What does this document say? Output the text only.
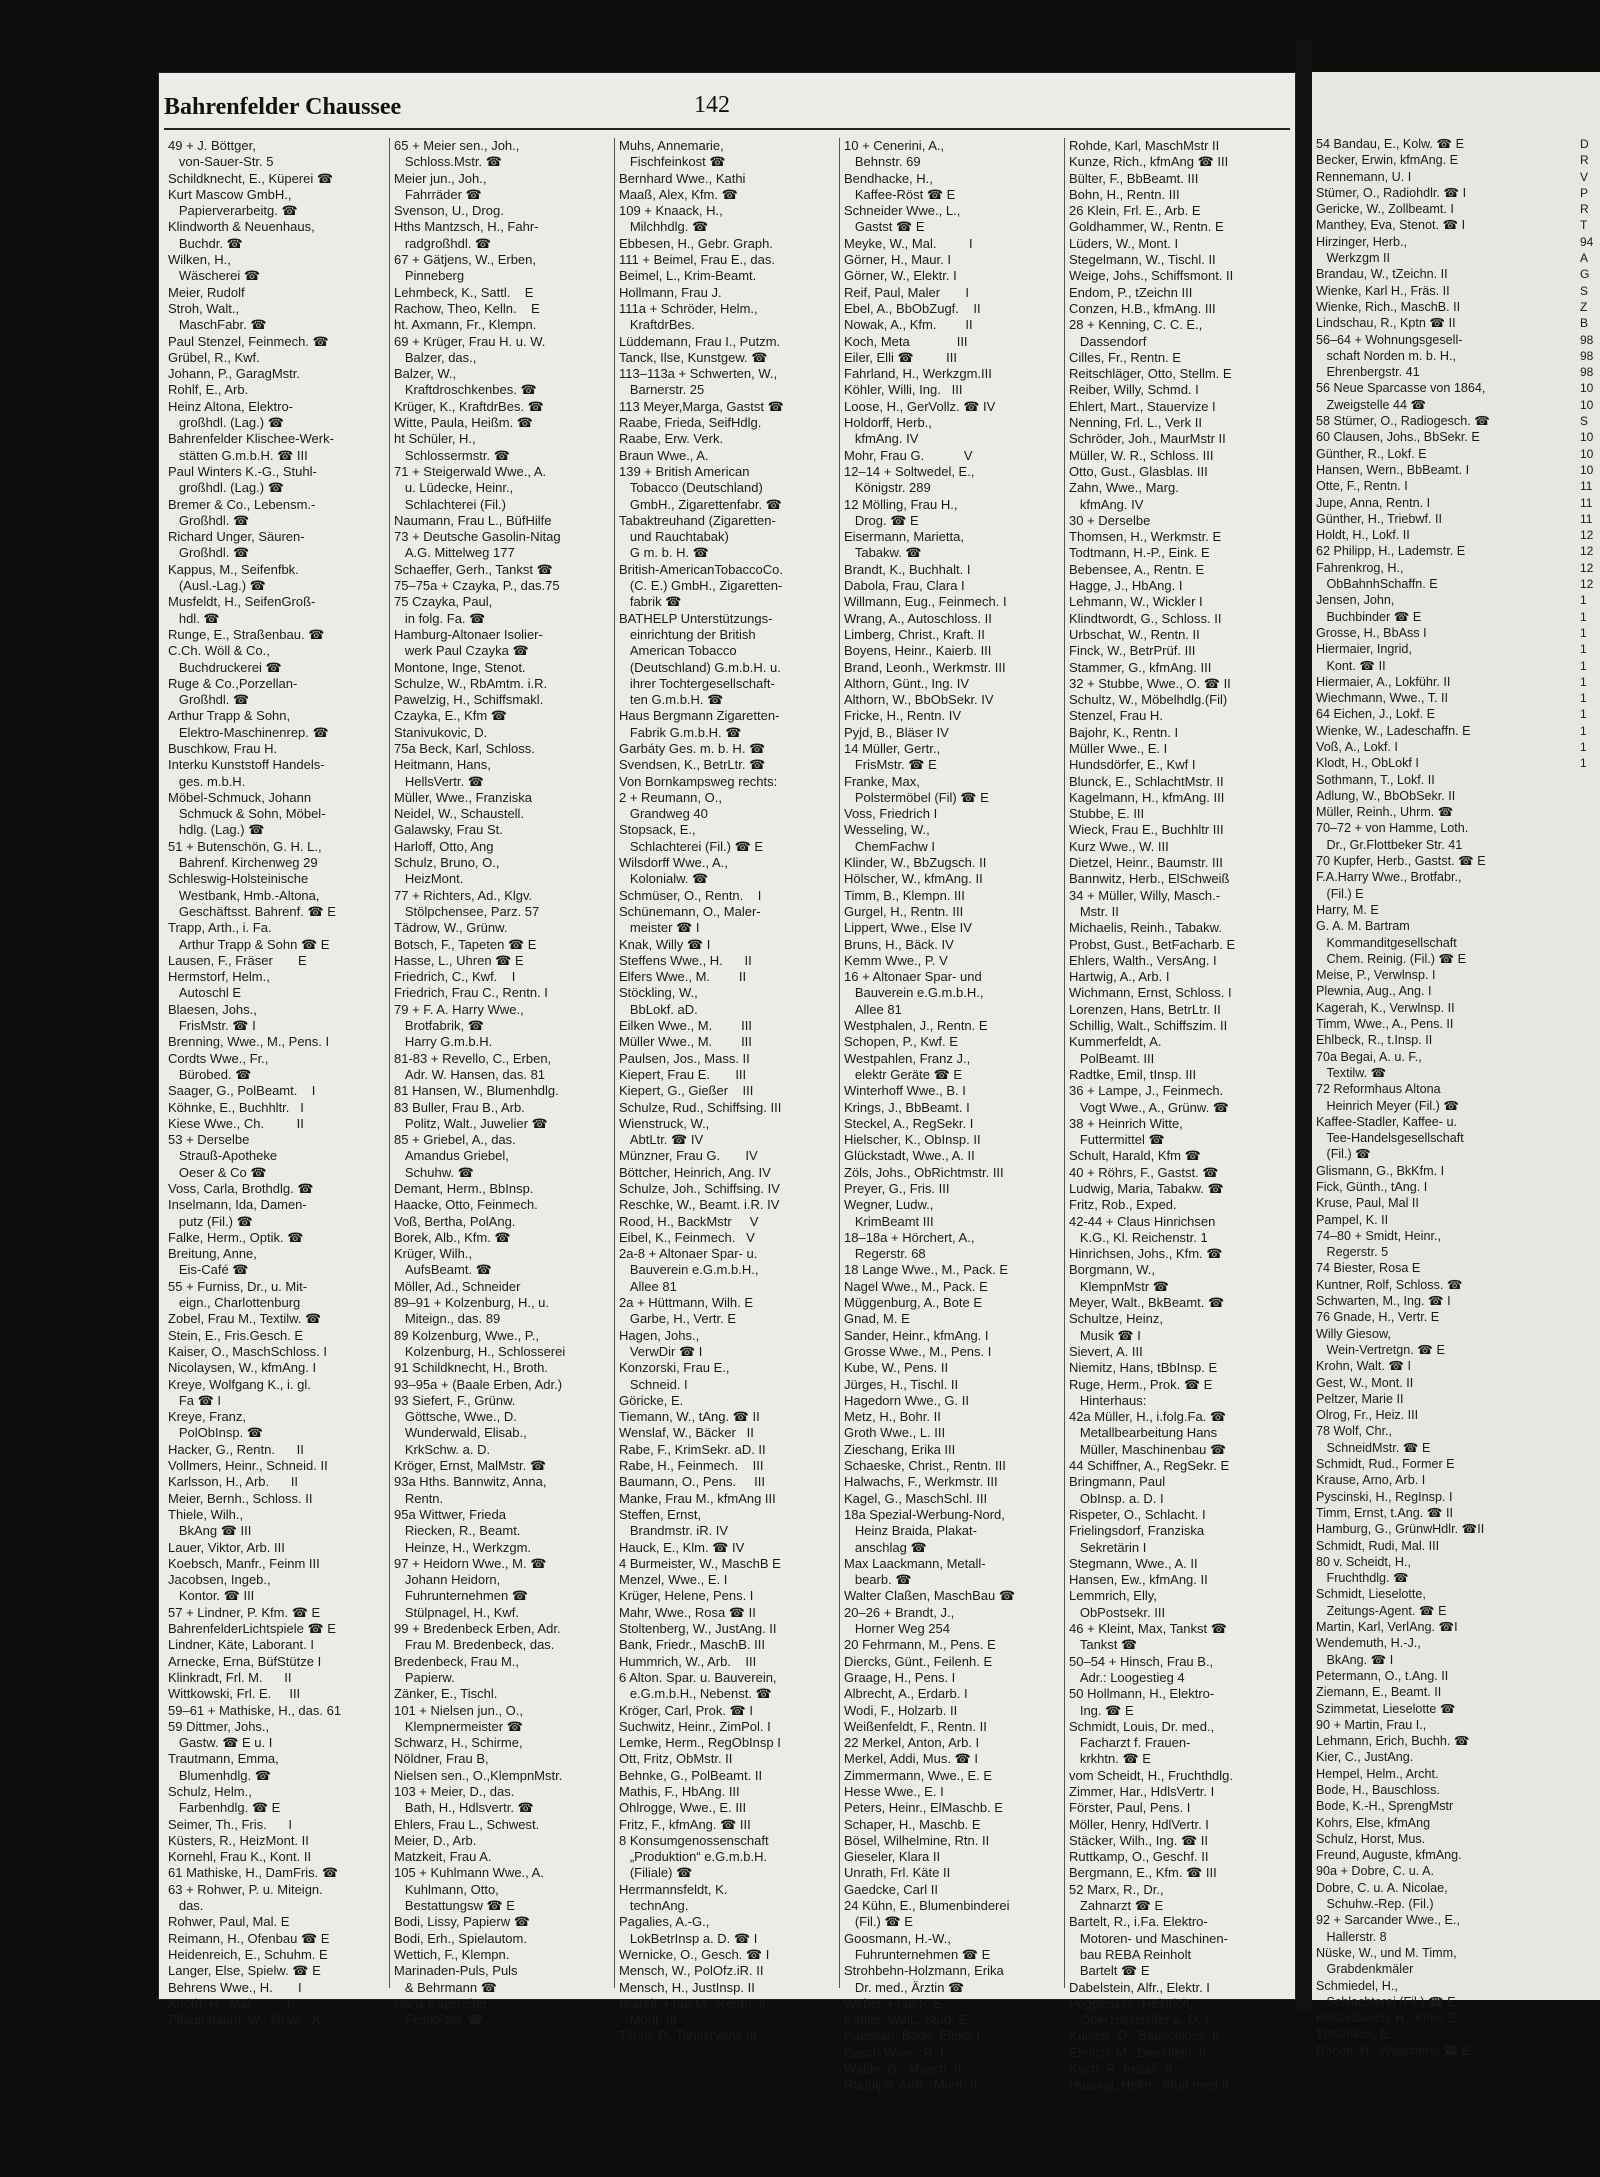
Bahrenfelder Chaussee	142

49 + J. Böttger,

von-Sauer-Str. 5

Schildknecht, E., Küperei ☎

Kurt Mascow GmbH.,

Papierverarbeitg. ☎

Klindworth & Neuenhaus,

Buchdr. ☎

Wilken, H.,

Wäscherei ☎

Meier, Rudolf

Stroh, Walt.,

MaschFabr. ☎

Paul Stenzel, Feinmech. ☎

Grübel, R., Kwf.

Johann, P., GaragMstr.

Rohlf, E., Arb.

Heinz Altona, Elektro-

großhdl. (Lag.) ☎

Bahrenfelder Klischee-Werk-

stätten G.m.b.H. ☎ III

Paul Winters K.-G., Stuhl-

großhdl. (Lag.) ☎

Bremer & Co., Lebensm.-

Großhdl. ☎

Richard Unger, Säuren-

Großhdl. ☎

Kappus, M., Seifenfbk.

(Ausl.-Lag.) ☎

Musfeldt, H., SeifenGroß-

hdl. ☎

Runge, E., Straßenbau. ☎

C.Ch. Wöll & Co.,

Buchdruckerei ☎

Ruge & Co.,Porzellan-

Großhdl. ☎

Arthur Trapp & Sohn,

Elektro-Maschinenrep. ☎

Buschkow, Frau H.

Interku Kunststoff Handels-

ges. m.b.H.

Möbel-Schmuck, Johann

Schmuck & Sohn, Möbel-

hdlg. (Lag.) ☎

51 + Butenschön, G. H. L.,

Bahrenf. Kirchenweg 29

Schleswig-Holsteinische

Westbank, Hmb.-Altona,

Geschäftsst. Bahrenf. ☎ E

Trapp, Arth., i. Fa.

Arthur Trapp & Sohn ☎ E

Lausen, F., Fräser       E

Hermstorf, Helm.,

Autoschl E

Blaesen, Johs.,

FrisMstr. ☎ I

Brenning, Wwe., M., Pens. I

Cordts Wwe., Fr.,

Bürobed. ☎

Saager, G., PolBeamt.    I

Köhnke, E., Buchhltr.   I

Kiese Wwe., Ch.         II

53 + Derselbe

Strauß-Apotheke

Oeser & Co ☎

Voss, Carla, Brothdlg. ☎

Inselmann, Ida, Damen-

putz (Fil.) ☎

Falke, Herm., Optik. ☎

Breitung, Anne,

Eis-Café ☎

55 + Furniss, Dr., u. Mit-

eign., Charlottenburg

Zobel, Frau M., Textilw. ☎

Stein, E., Fris.Gesch. E

Kaiser, O., MaschSchloss. I

Nicolaysen, W., kfmAng. I

Kreye, Wolfgang K., i. gl.

Fa ☎ I

Kreye, Franz,

PolObInsp. ☎

Hacker, G., Rentn.      II

Vollmers, Heinr., Schneid. II

Karlsson, H., Arb.      II

Meier, Bernh., Schloss. II

Thiele, Wilh.,

BkAng ☎ III

Lauer, Viktor, Arb. III

Koebsch, Manfr., Feinm III

Jacobsen, Ingeb.,

Kontor. ☎ III

57 + Lindner, P. Kfm. ☎ E

BahrenfelderLichtspiele ☎ E

Lindner, Käte, Laborant. I

Arnecke, Erna, BüfStütze I

Klinkradt, Frl. M.      II

Wittkowski, Frl. E.     III

59–61 + Mathiske, H., das. 61

59 Dittmer, Johs.,

Gastw. ☎ E u. I

Trautmann, Emma,

Blumenhdlg. ☎

Schulz, Helm.,

Farbenhdlg. ☎ E

Seimer, Th., Fris.      I

Küsters, R., HeizMont. II

Kornehl, Frau K., Kont. II

61 Mathiske, H., DamFris. ☎

63 + Rohwer, P. u. Miteign.

das.

Rohwer, Paul, Mal. E

Reimann, H., Ofenbau ☎ E

Heidenreich, E., Schuhm. E

Langer, Else, Spielw. ☎ E

Behrens Wwe., H.       I

Knoth, H., Mal.         I

Pflaumbaum, W., Grav.   K

65 + Meier sen., Joh.,

Schloss.Mstr. ☎

Meier jun., Joh.,

Fahrräder ☎

Svenson, U., Drog.

Hths Mantzsch, H., Fahr-

radgroßhdl. ☎

67 + Gätjens, W., Erben,

Pinneberg

Lehmbeck, K., Sattl.    E

Rachow, Theo, Kelln.    E

ht. Axmann, Fr., Klempn.

69 + Krüger, Frau H. u. W.

Balzer, das.,

Balzer, W.,

Kraftdroschkenbes. ☎

Krüger, K., KraftdrBes. ☎

Witte, Paula, Heißm. ☎

ht Schüler, H.,

Schlossermstr. ☎

71 + Steigerwald Wwe., A.

u. Lüdecke, Heinr.,

Schlachterei (Fil.)

Naumann, Frau L., BüfHilfe

73 + Deutsche Gasolin-Nitag

A.G. Mittelweg 177

Schaeffer, Gerh., Tankst ☎

75–75a + Czayka, P., das.75

75 Czayka, Paul,

in folg. Fa. ☎

Hamburg-Altonaer Isolier-

werk Paul Czayka ☎

Montone, Inge, Stenot.

Schulze, W., RbAmtm. i.R.

Pawelzig, H., Schiffsmakl.

Czayka, E., Kfm ☎

Stanivukovic, D.

75a Beck, Karl, Schloss.

Heitmann, Hans,

HellsVertr. ☎

Müller, Wwe., Franziska

Neidel, W., Schaustell.

Galawsky, Frau St.

Harloff, Otto, Ang

Schulz, Bruno, O.,

HeizMont.

77 + Richters, Ad., Klgv.

Stölpchensee, Parz. 57

Tädrow, W., Grünw.

Botsch, F., Tapeten ☎ E

Hasse, L., Uhren ☎ E

Friedrich, C., Kwf.    I

Friedrich, Frau C., Rentn. I

79 + F. A. Harry Wwe.,

Brotfabrik, ☎

Harry G.m.b.H.

81-83 + Revello, C., Erben,

Adr. W. Hansen, das. 81

81 Hansen, W., Blumenhdlg.

83 Buller, Frau B., Arb.

Politz, Walt., Juwelier ☎

85 + Griebel, A., das.

Amandus Griebel,

Schuhw. ☎

Demant, Herm., BbInsp.

Haacke, Otto, Feinmech.

Voß, Bertha, PolAng.

Borek, Alb., Kfm. ☎

Krüger, Wilh.,

AufsBeamt. ☎

Möller, Ad., Schneider

89–91 + Kolzenburg, H., u.

Miteign., das. 89

89 Kolzenburg, Wwe., P.,

Kolzenburg, H., Schlosserei

91 Schildknecht, H., Broth.

93–95a + (Baale Erben, Adr.)

93 Siefert, F., Grünw.

Göttsche, Wwe., D.

Wunderwald, Elisab.,

KrkSchw. a. D.

Kröger, Ernst, MalMstr. ☎

93a Hths. Bannwitz, Anna,

Rentn.

95a Wittwer, Frieda

Riecken, R., Beamt.

Heinze, H., Werkzgm.

97 + Heidorn Wwe., M. ☎

Johann Heidorn,

Fuhrunternehmen ☎

Stülpnagel, H., Kwf.

99 + Bredenbeck Erben, Adr.

Frau M. Bredenbeck, das.

Bredenbeck, Frau M.,

Papierw.

Zänker, E., Tischl.

101 + Nielsen jun., O.,

Klempnermeister ☎

Schwarz, H., Schirme,

Nöldner, Frau B,

Nielsen sen., O.,KlempnMstr.

103 + Meier, D., das.

Bath, H., Hdlsvertr. ☎

Ehlers, Frau L., Schwest.

Meier, D., Arb.

Matzkeit, Frau A.

105 + Kuhlmann Wwe., A.

Kuhlmann, Otto,

Bestattungsw ☎ E

Bodi, Lissy, Papierw ☎

Bodi, Erh., Spielautom.

Wettich, F., Klempn.

Marinaden-Puls, Puls

& Behrmann ☎

Hans Kapsreiter,

FeinkFabr ☎

Muhs, Annemarie,

Fischfeinkost ☎

Bernhard Wwe., Kathi

Maaß, Alex, Kfm. ☎

109 + Knaack, H.,

Milchhdlg. ☎

Ebbesen, H., Gebr. Graph.

111 + Beimel, Frau E., das.

Beimel, L., Krim-Beamt.

Hollmann, Frau J.

111a + Schröder, Helm.,

KraftdrBes.

Lüddemann, Frau I., Putzm.

Tanck, Ilse, Kunstgew. ☎

113–113a + Schwerten, W.,

Barnerstr. 25

113 Meyer,Marga, Gastst ☎

Raabe, Frieda, SeifHdlg.

Raabe, Erw. Verk.

Braun Wwe., A.

139 + British American

Tobacco (Deutschland)

GmbH., Zigarettenfabr. ☎

Tabaktreuhand (Zigaretten-

und Rauchtabak)

G m. b. H. ☎

British-AmericanTobaccoCo.

(C. E.) GmbH., Zigaretten-

fabrik ☎

BATHELP Unterstützungs-

einrichtung der British

American Tobacco

(Deutschland) G.m.b.H. u.

ihrer Tochtergesellschaft-

ten G.m.b.H. ☎

Haus Bergmann Zigaretten-

Fabrik G.m.b.H. ☎

Garbáty Ges. m. b. H. ☎

Svendsen, K., BetrLtr. ☎

Von Bornkampsweg rechts:

2 + Reumann, O.,

Grandweg 40

Stopsack, E.,

Schlachterei (Fil.) ☎ E

Wilsdorff Wwe., A.,

Kolonialw. ☎

Schmüser, O., Rentn.    I

Schünemann, O., Maler-

meister ☎ I

Knak, Willy ☎ I

Steffens Wwe., H.      II

Elfers Wwe., M.        II

Stöckling, W.,

BbLokf. aD.

Eilken Wwe., M.        III

Müller Wwe., M.        III

Paulsen, Jos., Mass. II

Kiepert, Frau E.       III

Kiepert, G., Gießer    III

Schulze, Rud., Schiffsing. III

Wienstruck, W.,

AbtLtr. ☎ IV

Münzner, Frau G.       IV

Böttcher, Heinrich, Ang. IV

Schulze, Joh., Schiffsing. IV

Reschke, W., Beamt. i.R. IV

Rood, H., BackMstr     V

Eibel, K., Feinmech.   V

2a-8 + Altonaer Spar- u.

Bauverein e.G.m.b.H.,

Allee 81

2a + Hüttmann, Wilh. E

Garbe, H., Vertr. E

Hagen, Johs.,

VerwDir ☎ I

Konzorski, Frau E.,

Schneid. I

Göricke, E.

Tiemann, W., tAng. ☎ II

Wenslaf, W., Bäcker   II

Rabe, F., KrimSekr. aD. II

Rabe, H., Feinmech.    III

Baumann, O., Pens.     III

Manke, Frau M., kfmAng III

Steffen, Ernst,

Brandmstr. iR. IV

Hauck, E., Klm. ☎ IV

4 Burmeister, W., MaschB E

Menzel, Wwe., E. I

Krüger, Helene, Pens. I

Mahr, Wwe., Rosa ☎ II

Stoltenberg, W., JustAng. II

Bank, Friedr., MaschB. III

Hummrich, W., Arb.    III

6 Alton. Spar. u. Bauverein,

e.G.m.b.H., Nebenst. ☎

Kröger, Carl, Prok. ☎ I

Suchwitz, Heinr., ZimPol. I

Lemke, Herm., RegObInsp I

Ott, Fritz, ObMstr. II

Behnke, G., PolBeamt. II

Mathis, F., HbAng. III

Ohlrogge, Wwe., E. III

Fritz, F., kfmAng. ☎ III

8 Konsumgenossenschaft

„Produktion“ e.G.m.b.H.

(Filiale) ☎

Herrmannsfeldt, K.

technAng.

Pagalies, A.-G.,

LokBetrInsp a. D. ☎ I

Wernicke, O., Gesch. ☎ I

Mensch, W., PolOfz.iR. II

Mensch, H., JustInsp. II

Brandt, Frau M., Rentn. II

Mont. III

Timm, P., TankstVerw III

10 + Cenerini, A.,

Behnstr. 69

Bendhacke, H.,

Kaffee-Röst ☎ E

Schneider Wwe., L.,

Gastst ☎ E

Meyke, W., Mal.         I

Görner, H., Maur. I

Görner, W., Elektr. I

Reif, Paul, Maler       I

Ebel, A., BbObZugf.    II

Nowak, A., Kfm.        II

Koch, Meta             III

Eiler, Elli ☎         III

Fahrland, H., Werkzgm.III

Köhler, Willi, Ing.   III

Loose, H., GerVollz. ☎ IV

Holdorff, Herb.,

kfmAng. IV

Mohr, Frau G.           V

12–14 + Soltwedel, E.,

Königstr. 289

12 Mölling, Frau H.,

Drog. ☎ E

Eisermann, Marietta,

Tabakw. ☎

Brandt, K., Buchhalt. I

Dabola, Frau, Clara I

Willmann, Eug., Feinmech. I

Wrang, A., Autoschloss. II

Limberg, Christ., Kraft. II

Boyens, Heinr., Kaierb. III

Brand, Leonh., Werkmstr. III

Althorn, Günt., Ing. IV

Althorn, W., BbObSekr. IV

Fricke, H., Rentn. IV

Pyjd, B., Bläser IV

14 Müller, Gertr.,

FrisMstr. ☎ E

Franke, Max,

Polstermöbel (Fil) ☎ E

Voss, Friedrich I

Wesseling, W.,

ChemFachw I

Klinder, W., BbZugsch. II

Hölscher, W., kfmAng. II

Timm, B., Klempn. III

Gurgel, H., Rentn. III

Lippert, Wwe., Else IV

Bruns, H., Bäck. IV

Kemm Wwe., P. V

16 + Altonaer Spar- und

Bauverein e.G.m.b.H.,

Allee 81

Westphalen, J., Rentn. E

Schopen, P., Kwf. E

Westpahlen, Franz J.,

elektr Geräte ☎ E

Winterhoff Wwe., B. I

Krings, J., BbBeamt. I

Steckel, A., RegSekr. I

Hielscher, K., ObInsp. II

Glückstadt, Wwe., A. II

Zöls, Johs., ObRichtmstr. III

Preyer, G., Fris. III

Wegner, Ludw.,

KrimBeamt III

18–18a + Hörchert, A.,

Regerstr. 68

18 Lange Wwe., M., Pack. E

Nagel Wwe., M., Pack. E

Müggenburg, A., Bote E

Gnad, M. E

Sander, Heinr., kfmAng. I

Grosse Wwe., M., Pens. I

Kube, W., Pens. II

Jürges, H., Tischl. II

Hagedorn Wwe., G. II

Metz, H., Bohr. II

Groth Wwe., L. III

Zieschang, Erika III

Schaeske, Christ., Rentn. III

Halwachs, F., Werkmstr. III

Kagel, G., MaschSchl. III

18a Spezial-Werbung-Nord,

Heinz Braida, Plakat-

anschlag ☎

Max Laackmann, Metall-

bearb. ☎

Walter Claßen, MaschBau ☎

20–26 + Brandt, J.,

Horner Weg 254

20 Fehrmann, M., Pens. E

Diercks, Günt., Feilenh. E

Graage, H., Pens. I

Albrecht, A., Erdarb. I

Wodi, F., Holzarb. II

Weißenfeldt, F., Rentn. II

22 Merkel, Anton, Arb. I

Merkel, Addi, Mus. ☎ I

Zimmermann, Wwe., E. E

Hesse Wwe., E. I

Peters, Heinr., ElMaschb. E

Schaper, H., Maschb. E

Bösel, Wilhelmine, Rtn. II

Gieseler, Klara II

Unrath, Frl. Käte II

Gaedcke, Carl II

24 Kühn, E., Blumenbinderei

(Fil.) ☎ E

Goosmann, H.-W.,

Fuhrunternehmen ☎ E

Strohbehn-Holzmann, Erika

Dr. med., Ärztin ☎

Weber, Frau F. E

Kähler, Walt., Stud. E

Paustian, Bodo, Elektr I

Basch Wwe., R. I

Walde, G., Masch. II

Rudolph, Arth., Mont. II

Rohde, Karl, MaschMstr II

Kunze, Rich., kfmAng ☎ III

Bülter, F., BbBeamt. III

Bohn, H., Rentn. III

26 Klein, Frl. E., Arb. E

Goldhammer, W., Rentn. E

Lüders, W., Mont. I

Stegelmann, W., Tischl. II

Weige, Johs., Schiffsmont. II

Endom, P., tZeichn III

Conzen, H.B., kfmAng. III

28 + Kenning, C. C. E.,

Dassendorf

Cilles, Fr., Rentn. E

Reitschläger, Otto, Stellm. E

Reiber, Willy, Schmd. I

Ehlert, Mart., Stauervize I

Nenning, Frl. L., Verk II

Schröder, Joh., MaurMstr II

Müller, W. R., Schloss. III

Otto, Gust., Glasblas. III

Zahn, Wwe., Marg.

kfmAng. IV

30 + Derselbe

Thomsen, H., Werkmstr. E

Todtmann, H.-P., Eink. E

Bebensee, A., Rentn. E

Hagge, J., HbAng. I

Lehmann, W., Wickler I

Klindtwordt, G., Schloss. II

Urbschat, W., Rentn. II

Finck, W., BetrPrüf. III

Stammer, G., kfmAng. III

32 + Stubbe, Wwe., O. ☎ II

Schultz, W., Möbelhdlg.(Fil)

Stenzel, Frau H.

Bajohr, K., Rentn. I

Müller Wwe., E. I

Hundsdörfer, E., Kwf I

Blunck, E., SchlachtMstr. II

Kagelmann, H., kfmAng. III

Stubbe, E. III

Wieck, Frau E., Buchhltr III

Kurz Wwe., W. III

Dietzel, Heinr., Baumstr. III

Bannwitz, Herb., ElSchweiß

34 + Müller, Willy, Masch.-

Mstr. II

Michaelis, Reinh., Tabakw.

Probst, Gust., BetFacharb. E

Ehlers, Walth., VersAng. I

Hartwig, A., Arb. I

Wichmann, Ernst, Schloss. I

Lorenzen, Hans, BetrLtr. II

Schillig, Walt., Schiffszim. II

Kummerfeldt, A.

PolBeamt. III

Radtke, Emil, tInsp. III

36 + Lampe, J., Feinmech.

Vogt Wwe., A., Grünw. ☎

38 + Heinrich Witte,

Futtermittel ☎

Schult, Harald, Kfm ☎

40 + Röhrs, F., Gastst. ☎

Ludwig, Maria, Tabakw. ☎

Fritz, Rob., Exped.

42-44 + Claus Hinrichsen

K.G., Kl. Reichenstr. 1

Hinrichsen, Johs., Kfm. ☎

Borgmann, W.,

KlempnMstr ☎

Meyer, Walt., BkBeamt. ☎

Schultze, Heinz,

Musik ☎ I

Sievert, A. III

Niemitz, Hans, tBbInsp. E

Ruge, Herm., Prok. ☎ E

Hinterhaus:

42a Müller, H., i.folg.Fa. ☎

Metallbearbeitung Hans

Müller, Maschinenbau ☎

44 Schiffner, A., RegSekr. E

Bringmann, Paul

ObInsp. a. D. I

Rispeter, O., Schlacht. I

Frielingsdorf, Franziska

Sekretärin I

Stegmann, Wwe., A. II

Hansen, Ew., kfmAng. II

Lemmrich, Elly,

ObPostsekr. III

46 + Kleint, Max, Tankst ☎

Tankst ☎

50–54 + Hinsch, Frau B.,

Adr.: Loogestieg 4

50 Hollmann, H., Elektro-

Ing. ☎ E

Schmidt, Louis, Dr. med.,

Facharzt f. Frauen-

krkhtn. ☎ E

vom Scheidt, H., Fruchthdlg.

Zimmer, Har., HdlsVertr. I

Förster, Paul, Pens. I

Möller, Henry, HdlVertr. I

Stäcker, Wilh., Ing. ☎ II

Ruttkamp, O., Geschf. II

Bergmann, E., Kfm. ☎ III

52 Marx, R., Dr.,

Zahnarzt ☎ E

Bartelt, R., i.Fa. Elektro-

Motoren- und Maschinen-

bau REBA Reinholt

Bartelt ☎ E

Dabelstein, Alfr., Elektr. I

Poggensee, Heinrich,

Oberzollschiffer a. D. I

Kulozik, D., Bauschloss. II

Ehrlich, M., Desinfekt. II

Koch, P., Install. II

Husung, Helm., Stud med II

54 Bandau, E., Kolw. ☎ E

Becker, Erwin, kfmAng. E

Rennemann, U. I

Stümer, O., Radiohdlr. ☎ I

Gericke, W., Zollbeamt. I

Manthey, Eva, Stenot. ☎ I

Hirzinger, Herb.,

Werkzgm II

Brandau, W., tZeichn. II

Wienke, Karl H., Fräs. II

Wienke, Rich., MaschB. II

Lindschau, R., Kptn ☎ II

56–64 + Wohnungsgesell-

schaft Norden m. b. H.,

Ehrenbergstr. 41

56 Neue Sparcasse von 1864,

Zweigstelle 44 ☎

58 Stümer, O., Radiogesch. ☎

60 Clausen, Johs., BbSekr. E

Günther, R., Lokf. E

Hansen, Wern., BbBeamt. I

Otte, F., Rentn. I

Jupe, Anna, Rentn. I

Günther, H., Triebwf. II

Holdt, H., Lokf. II

62 Philipp, H., Lademstr. E

Fahrenkrog, H.,

ObBahnhSchaffn. E

Jensen, John,

Buchbinder ☎ E

Grosse, H., BbAss I

Hiermaier, Ingrid,

Kont. ☎ II

Hiermaier, A., Lokführ. II

Wiechmann, Wwe., T. II

64 Eichen, J., Lokf. E

Wienke, W., Ladeschaffn. E

Voß, A., Lokf. I

Klodt, H., ObLokf I

Sothmann, T., Lokf. II

Adlung, W., BbObSekr. II

Müller, Reinh., Uhrm. ☎

70–72 + von Hamme, Loth.

Dr., Gr.Flottbeker Str. 41

70 Kupfer, Herb., Gastst. ☎ E

F.A.Harry Wwe., Brotfabr.,

(Fil.) E

Harry, M. E

G. A. M. Bartram

Kommanditgesellschaft

Chem. Reinig. (Fil.) ☎ E

Meise, P., Verwlnsp. I

Plewnia, Aug., Ang. I

Kagerah, K., Verwlnsp. II

Timm, Wwe., A., Pens. II

Ehlbeck, R., t.Insp. II

70a Begai, A. u. F.,

Textilw. ☎

72 Reformhaus Altona

Heinrich Meyer (Fil.) ☎

Kaffee-Stadler, Kaffee- u.

Tee-Handelsgesellschaft

(Fil.) ☎

Glismann, G., BkKfm. I

Fick, Günth., tAng. I

Kruse, Paul, Mal II

Pampel, K. II

74–80 + Smidt, Heinr.,

Regerstr. 5

74 Biester, Rosa E

Kuntner, Rolf, Schloss. ☎

Schwarten, M., Ing. ☎ I

76 Gnade, H., Vertr. E

Willy Giesow,

Wein-Vertretgn. ☎ E

Krohn, Walt. ☎ I

Gest, W., Mont. II

Peltzer, Marie II

Olrog, Fr., Heiz. III

78 Wolf, Chr.,

SchneidMstr. ☎ E

Schmidt, Rud., Former E

Krause, Arno, Arb. I

Pyscinski, H., RegInsp. I

Timm, Ernst, t.Ang. ☎ II

Hamburg, G., GrünwHdlr. ☎II

Schmidt, Rudi, Mal. III

80 v. Scheidt, H.,

Fruchthdlg. ☎

Schmidt, Lieselotte,

Zeitungs-Agent. ☎ E

Martin, Karl, VerlAng. ☎I

Wendemuth, H.-J.,

BkAng. ☎ I

Petermann, O., t.Ang. II

Ziemann, E., Beamt. II

Szimmetat, Lieselotte ☎

90 + Martin, Frau I.,

Lehmann, Erich, Buchh. ☎

Kier, C., JustAng.

Hempel, Helm., Archt.

Bode, H., Bauschloss.

Bode, K.-H., SprengMstr

Kohrs, Else, kfmAng

Schulz, Horst, Mus.

Freund, Auguste, kfmAng.

90a + Dobre, C. u. A.

Dobre, C. u. A. Nicolae,

Schuhw.-Rep. (Fil.)

92 + Sarcander Wwe., E.,

Hallerstr. 8

Nüske, W., und M. Timm,

Grabdenkmäler

Schmiedel, H.,

Schlachterei (Fil.) ☎ E

Hasselbusch, H., Kolw. E

Tutschkus, E.

Rohde, H., Wäscherei ☎ E

D

R

V

P

R

T

94

A

G

S

Z

B

98

98

98

10

10

S

10

10

10

11

11

11

12

12

12

12

1

1

1

1

1

1

1

1

1

1

1
